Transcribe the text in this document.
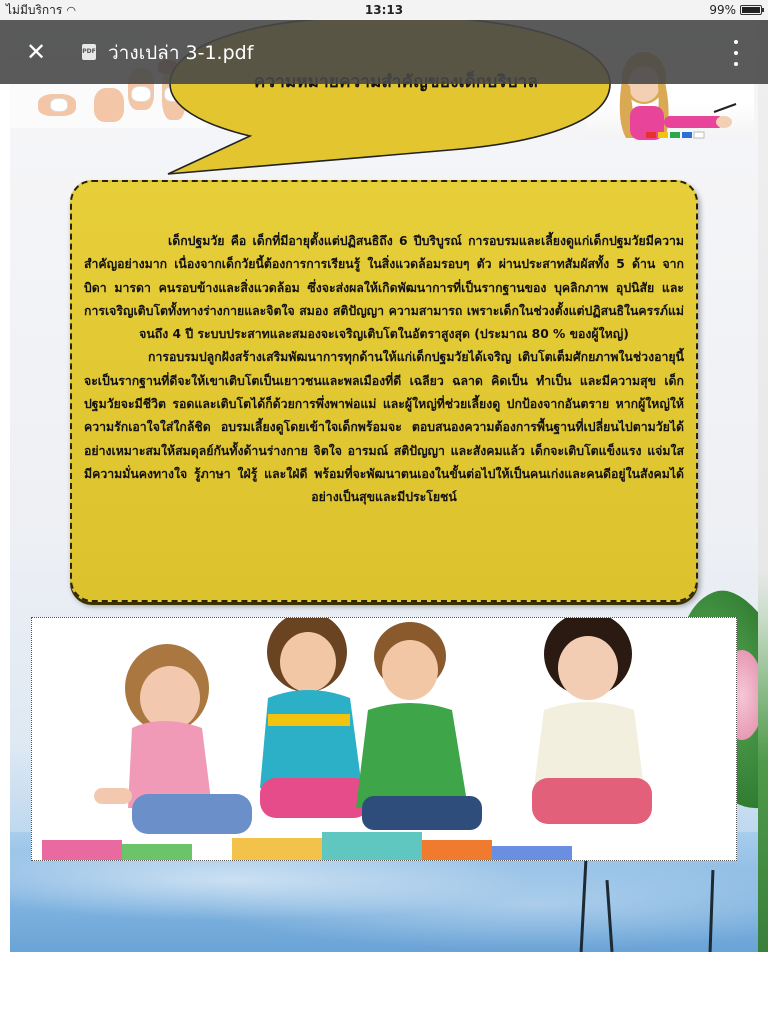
เด็กปฐมวัย คือ เด็กที่มีอายุตั้งแต่ปฏิสนธิถึง 6 ปีบริบูรณ์ การอบรมและเลี้ยงดูแก่เด็กปฐมวัยมีความสำคัญอย่างมาก เนื่องจากเด็กวัยนี้ต้องการการเรียนรู้ ในสิ่งแวดล้อมรอบๆ ตัว ผ่านประสาทสัมผัสทั้ง 5 ด้าน จากบิดา มารดา คนรอบข้างและสิ่งแวดล้อม ซึ่งจะส่งผลให้เกิดพัฒนาการที่เป็นรากฐานของ บุคลิกภาพ อุปนิสัย และการเจริญเติบโตทั้งทางร่างกายและจิตใจ สมอง สติปัญญา ความสามารถ เพราะเด็กในช่วงตั้งแต่ปฏิสนธิในครรภ์แม่จนถึง 4 ปี ระบบประสาทและสมองจะเจริญเติบโตในอัตราสูงสุด (ประมาณ 80 % ของผู้ใหญ่)

การอบรมปลูกฝังสร้างเสริมพัฒนาการทุกด้านให้แก่เด็กปฐมวัยได้เจริญ เติบโตเต็มศักยภาพในช่วงอายุนี้ จะเป็นรากฐานที่ดีจะให้เขาเติบโตเป็นเยาวชนและพลเมืองที่ดี เฉลียว ฉลาด คิดเป็น ทำเป็น และมีความสุข เด็กปฐมวัยจะมีชีวิต รอดและเติบโตได้ก็ด้วยการพึ่งพาพ่อแม่ และผู้ใหญ่ที่ช่วยเลี้ยงดู ปกป้องจากอันตราย หากผู้ใหญ่ให้ความรักเอาใจใส่ใกล้ชิด อบรมเลี้ยงดูโดยเข้าใจเด็กพร้อมจะ ตอบสนองความต้องการพื้นฐานที่เปลี่ยนไปตามวัยได้อย่างเหมาะสมให้สมดุลย์กันทั้งด้านร่างกาย จิตใจ อารมณ์ สติปัญญา และสังคมแล้ว เด็กจะเติบโตแข็งแรง แจ่มใส มีความมั่นคงทางใจ รู้ภาษา ใฝ่รู้ และใฝ่ดี พร้อมที่จะพัฒนาตนเองในขั้นต่อไปให้เป็นคนเก่งและคนดีอยู่ในสังคมได้อย่างเป็นสุขและมีประโยชน์

ไม่มีบริการ ◠	13:13	99%
✕	PDF ว่างเปล่า 3-1.pdf
